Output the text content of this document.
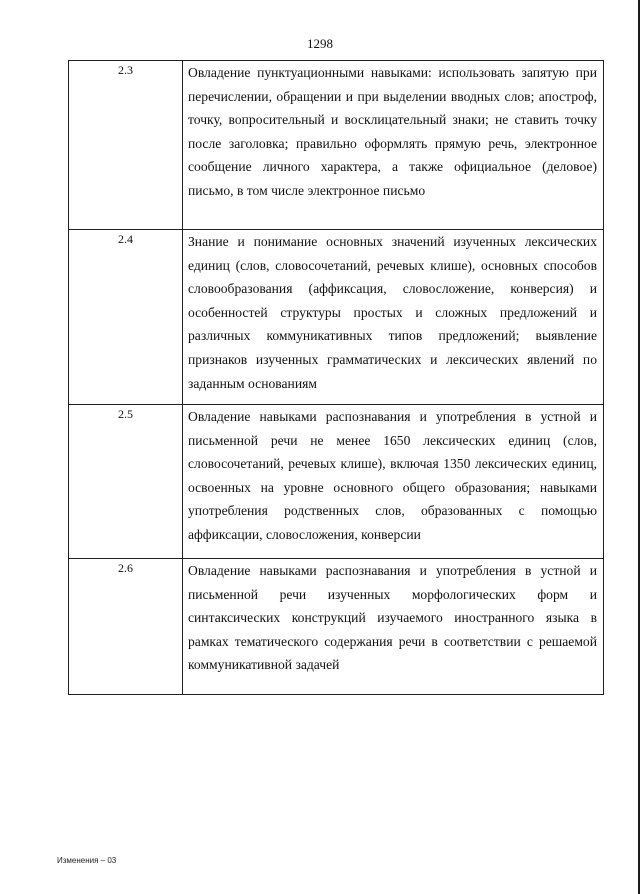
1298
2.3	Овладение пунктуационными навыками: использовать запятую при перечислении, обращении и при выделении вводных слов; апостроф, точку, вопросительный и восклицательный знаки; не ставить точку после заголовка; правильно оформлять прямую речь, электронное сообщение личного характера, а также официальное (деловое) письмо, в том числе электронное письмо

2.4	Знание и понимание основных значений изученных лексических единиц (слов, словосочетаний, речевых клише), основных способов словообразования (аффиксация, словосложение, конверсия) и особенностей структуры простых и сложных предложений и различных коммуникативных типов предложений; выявление признаков изученных грамматических и лексических явлений по заданным основаниям

2.5	Овладение навыками распознавания и употребления в устной и письменной речи не менее 1650 лексических единиц (слов, словосочетаний, речевых клише), включая 1350 лексических единиц, освоенных на уровне основного общего образования; навыками употребления родственных слов, образованных с помощью аффиксации, словосложения, конверсии

2.6	Овладение навыками распознавания и употребления в устной и письменной речи изученных морфологических форм и синтаксических конструкций изучаемого иностранного языка в рамках тематического содержания речи в соответствии с решаемой коммуникативной задачей
Изменения – 03
